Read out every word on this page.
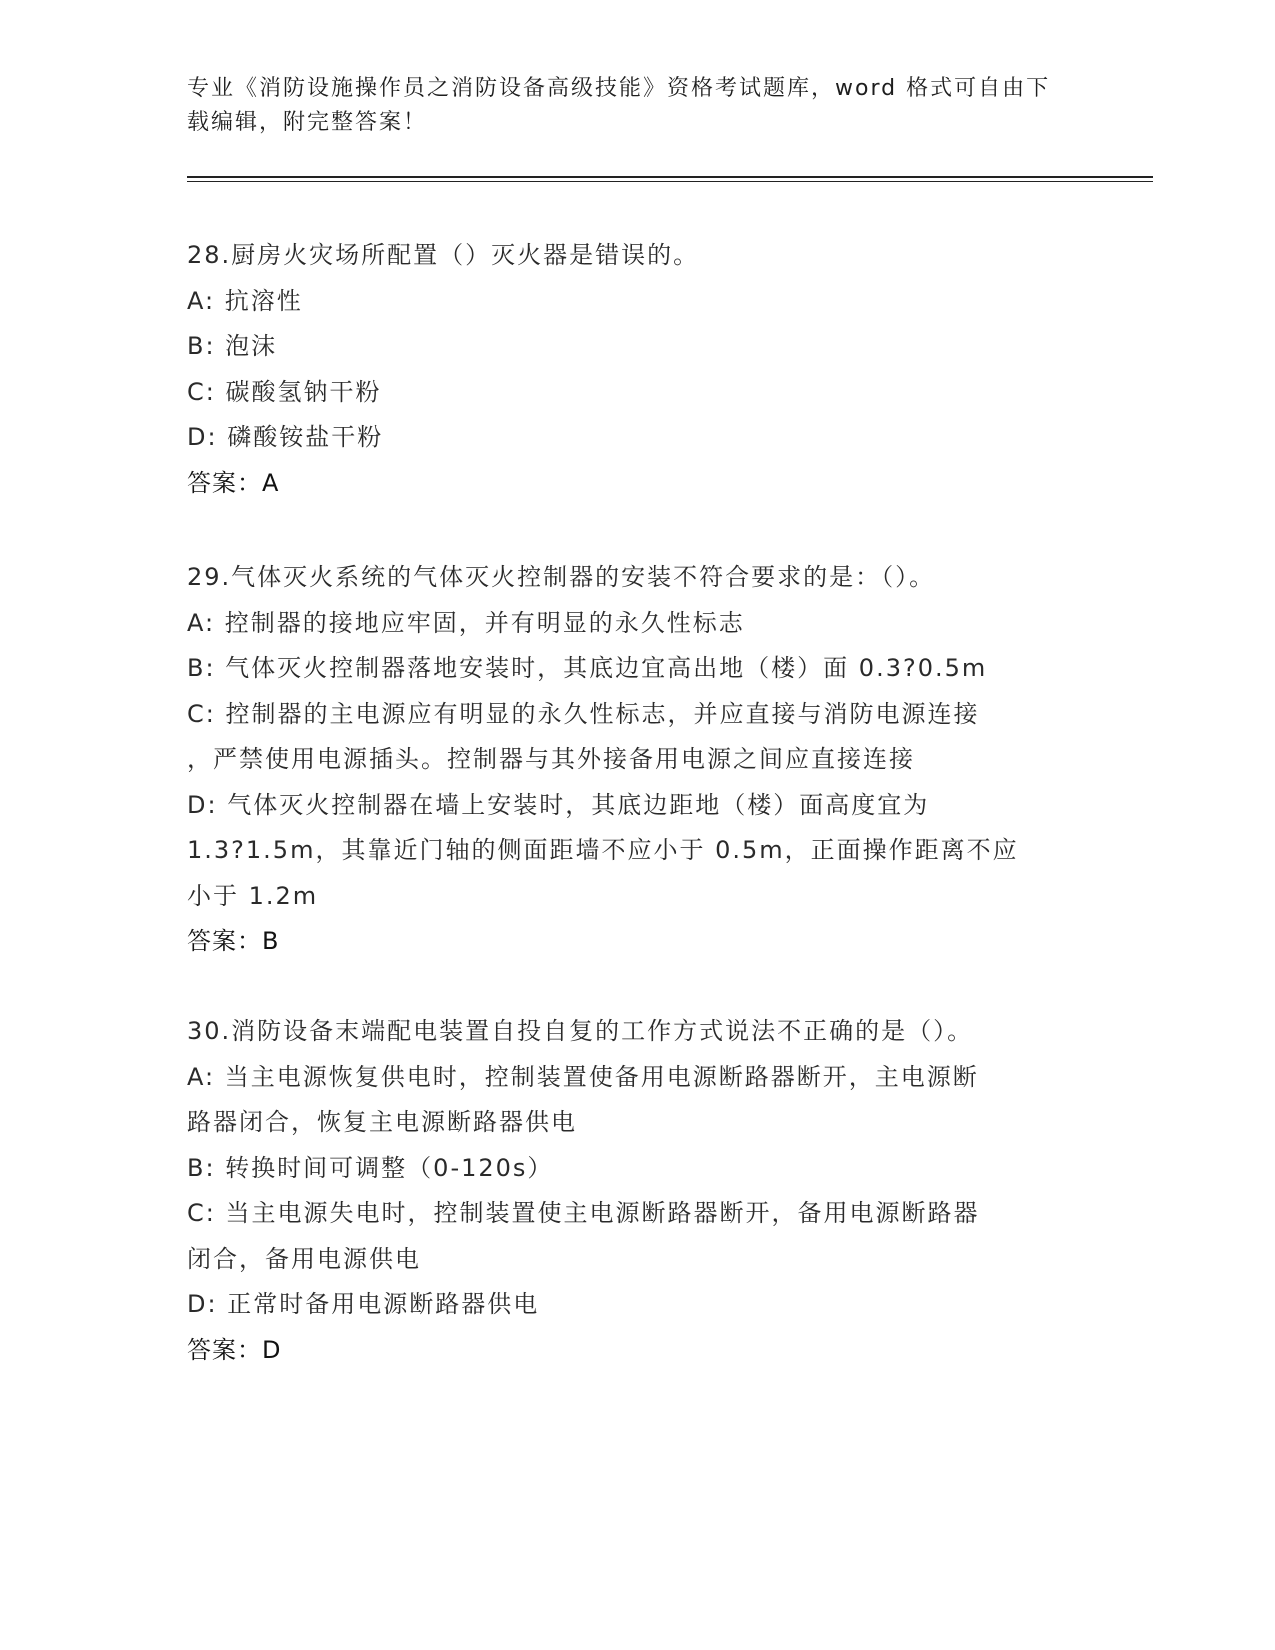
专业《消防设施操作员之消防设备高级技能》资格考试题库，word 格式可自由下
载编辑，附完整答案！
28.厨房火灾场所配置（）灭火器是错误的。
A: 抗溶性
B: 泡沫
C: 碳酸氢钠干粉
D: 磷酸铵盐干粉
答案：A
29.气体灭火系统的气体灭火控制器的安装不符合要求的是：（）。
A: 控制器的接地应牢固，并有明显的永久性标志
B: 气体灭火控制器落地安装时，其底边宜高出地（楼）面 0.3?0.5m
C: 控制器的主电源应有明显的永久性标志，并应直接与消防电源连接
，严禁使用电源插头。控制器与其外接备用电源之间应直接连接
D: 气体灭火控制器在墙上安装时，其底边距地（楼）面高度宜为
1.3?1.5m，其靠近门轴的侧面距墙不应小于 0.5m，正面操作距离不应
小于 1.2m
答案：B
30.消防设备末端配电装置自投自复的工作方式说法不正确的是（）。
A: 当主电源恢复供电时，控制装置使备用电源断路器断开，主电源断
路器闭合，恢复主电源断路器供电
B: 转换时间可调整（0-120s）
C: 当主电源失电时，控制装置使主电源断路器断开，备用电源断路器
闭合，备用电源供电
D: 正常时备用电源断路器供电
答案：D
